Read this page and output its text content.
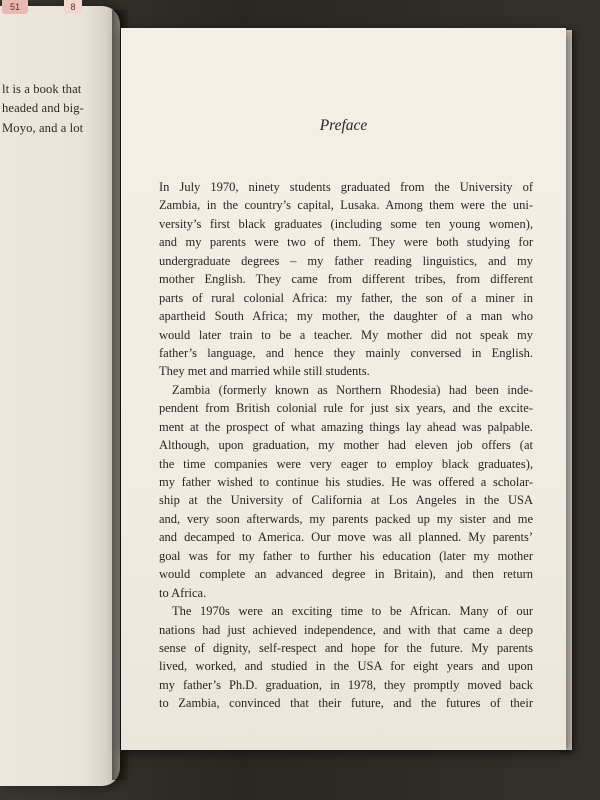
lt is a book that
headed and big-
Moyo, and a lot
51	8
Preface
In July 1970, ninety students graduated from the University of
Zambia, in the country’s capital, Lusaka. Among them were the uni-
versity’s first black graduates (including some ten young women),
and my parents were two of them. They were both studying for
undergraduate degrees – my father reading linguistics, and my
mother English. They came from different tribes, from different
parts of rural colonial Africa: my father, the son of a miner in
apartheid South Africa; my mother, the daughter of a man who
would later train to be a teacher. My mother did not speak my
father’s language, and hence they mainly conversed in English.
They met and married while still students.
Zambia (formerly known as Northern Rhodesia) had been inde-
pendent from British colonial rule for just six years, and the excite-
ment at the prospect of what amazing things lay ahead was palpable.
Although, upon graduation, my mother had eleven job offers (at
the time companies were very eager to employ black graduates),
my father wished to continue his studies. He was offered a scholar-
ship at the University of California at Los Angeles in the USA
and, very soon afterwards, my parents packed up my sister and me
and decamped to America. Our move was all planned. My parents’
goal was for my father to further his education (later my mother
would complete an advanced degree in Britain), and then return
to Africa.
The 1970s were an exciting time to be African. Many of our
nations had just achieved independence, and with that came a deep
sense of dignity, self-respect and hope for the future. My parents
lived, worked, and studied in the USA for eight years and upon
my father’s Ph.D. graduation, in 1978, they promptly moved back
to Zambia, convinced that their future, and the futures of their
